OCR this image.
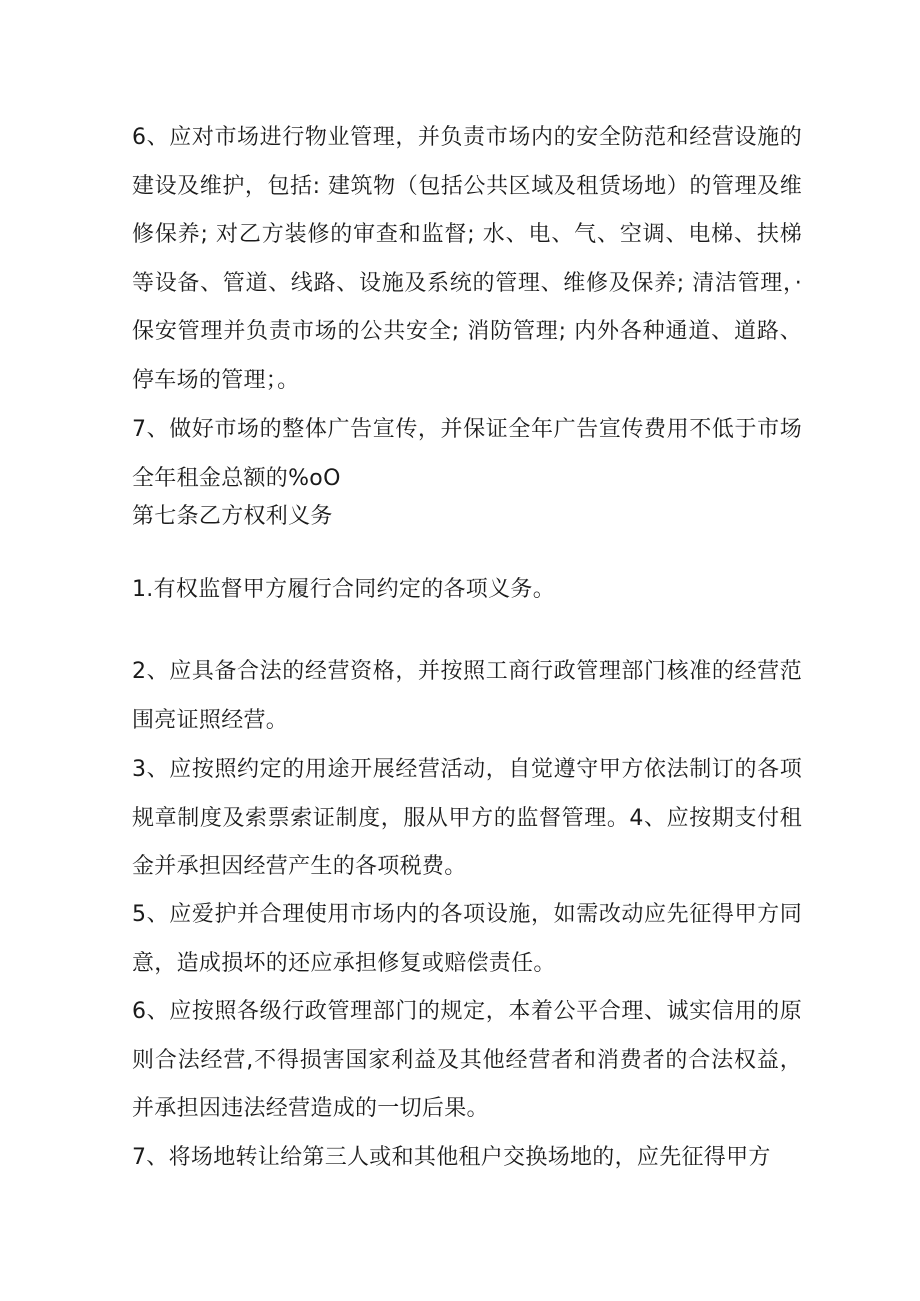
6、应对市场进行物业管理，并负责市场内的安全防范和经营设施的建设及维护，包括: 建筑物（包括公共区域及租赁场地）的管理及维修保养; 对乙方装修的审查和监督; 水、电、气、空调、电梯、扶梯等设备、管道、线路、设施及系统的管理、维修及保养; 清洁管理，·保安管理并负责市场的公共安全; 消防管理; 内外各种通道、道路、停车场的管理；。

7、做好市场的整体广告宣传，并保证全年广告宣传费用不低于市场全年租金总额的%oO

第七条乙方权利义务

1.有权监督甲方履行合同约定的各项义务。

2、应具备合法的经营资格，并按照工商行政管理部门核准的经营范围亮证照经营。

3、应按照约定的用途开展经营活动，自觉遵守甲方依法制订的各项规章制度及索票索证制度，服从甲方的监督管理。4、应按期支付租金并承担因经营产生的各项税费。

5、应爱护并合理使用市场内的各项设施，如需改动应先征得甲方同意，造成损坏的还应承担修复或赔偿责任。

6、应按照各级行政管理部门的规定，本着公平合理、诚实信用的原则合法经营,不得损害国家利益及其他经营者和消费者的合法权益，并承担因违法经营造成的一切后果。

7、将场地转让给第三人或和其他租户交换场地的，应先征得甲方
